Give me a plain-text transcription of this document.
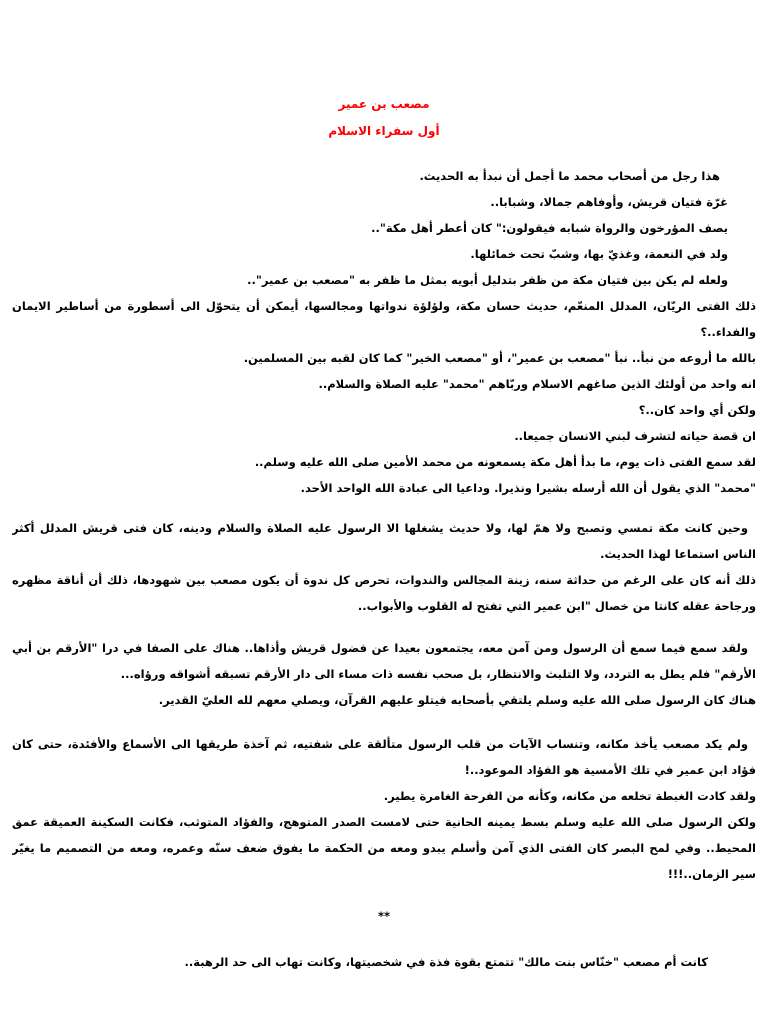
مصعب بن عمير
أول سفراء الاسلام
هذا رجل من أصحاب محمد ما أجمل أن نبدأ به الحديث.
غرّة فتيان قريش، وأوفاهم جمالا، وشبابا..
يصف المؤرخون والرواة شبابه فيقولون:" كان أعطر أهل مكة"..
ولد في النعمة، وغذيّ بها، وشبّ تحت خمائلها.
ولعله لم يكن بين فتيان مكة من ظفر بتدليل أبويه بمثل ما ظفر به "مصعب بن عمير"..
ذلك الفتى الريّان، المدلل المنعّم، حديث حسان مكة، ولؤلؤة ندواتها ومجالسها، أيمكن أن يتحوّل الى أسطورة من أساطير الايمان
والفداء..؟
بالله ما أروعه من نبأ.. نبأ "مصعب بن عمير"، أو "مصعب الخير" كما كان لقبه بين المسلمين.
انه واحد من أولئك الذين صاغهم الاسلام وربّاهم "محمد" عليه الصلاة والسلام..
ولكن أي واحد كان..؟
ان قصة حياته لتشرف لبني الانسان جميعا..
لقد سمع الفتى ذات يوم، ما بدأ أهل مكة يسمعونه من محمد الأمين صلى الله عليه وسلم..
"محمد" الذي يقول أن الله أرسله بشيرا ونذيرا. وداعيا الى عبادة الله الواحد الأحد.
وحين كانت مكة تمسي وتصبح ولا همّ لها، ولا حديث يشغلها الا الرسول عليه الصلاة والسلام ودينه، كان فتى قريش المدلل أكثر
الناس استماعا لهذا الحديث.
ذلك أنه كان على الرغم من حداثة سنه، زينة المجالس والندوات، تحرص كل ندوة أن يكون مصعب بين شهودها، ذلك أن أناقة مظهره
ورجاحة عقله كانتا من خصال "ابن عمير التي تفتح له القلوب والأبواب..
ولقد سمع فيما سمع أن الرسول ومن آمن معه، يجتمعون بعيدا عن فضول قريش وأذاها.. هناك على الصفا في درا "الأرقم بن أبي
الأرقم" فلم يطل به التردد، ولا التلبث والانتظار، بل صحب نفسه ذات مساء الى دار الأرقم تسبقه أشواقه ورؤاه...
هناك كان الرسول صلى الله عليه وسلم يلتقي بأصحابه فيتلو عليهم القرآن، ويصلي معهم لله العليّ القدير.
ولم يكد مصعب يأخذ مكانه، وتنساب الآيات من قلب الرسول متألقة على شفتيه، ثم آخذة طريقها الى الأسماع والأفئدة، حتى كان
فؤاد ابن عمير في تلك الأمسية هو الفؤاد الموعود..!
ولقد كادت الغبطة تخلعه من مكانه، وكأنه من الفرحة الغامرة يطير.
ولكن الرسول صلى الله عليه وسلم بسط يمينه الحانية حتى لامست الصدر المتوهج، والفؤاد المتوثب، فكانت السكينة العميقة عمق
المحيط.. وفي لمح البصر كان الفتى الذي آمن وأسلم يبدو ومعه من الحكمة ما يفوق ضعف سنّه وعمره، ومعه من التصميم ما يغيّر
سير الزمان..!!!
**
كانت أم مصعب "خنّاس بنت مالك" تتمتع بقوة فذة في شخصيتها، وكانت تهاب الى حد الرهبة..
